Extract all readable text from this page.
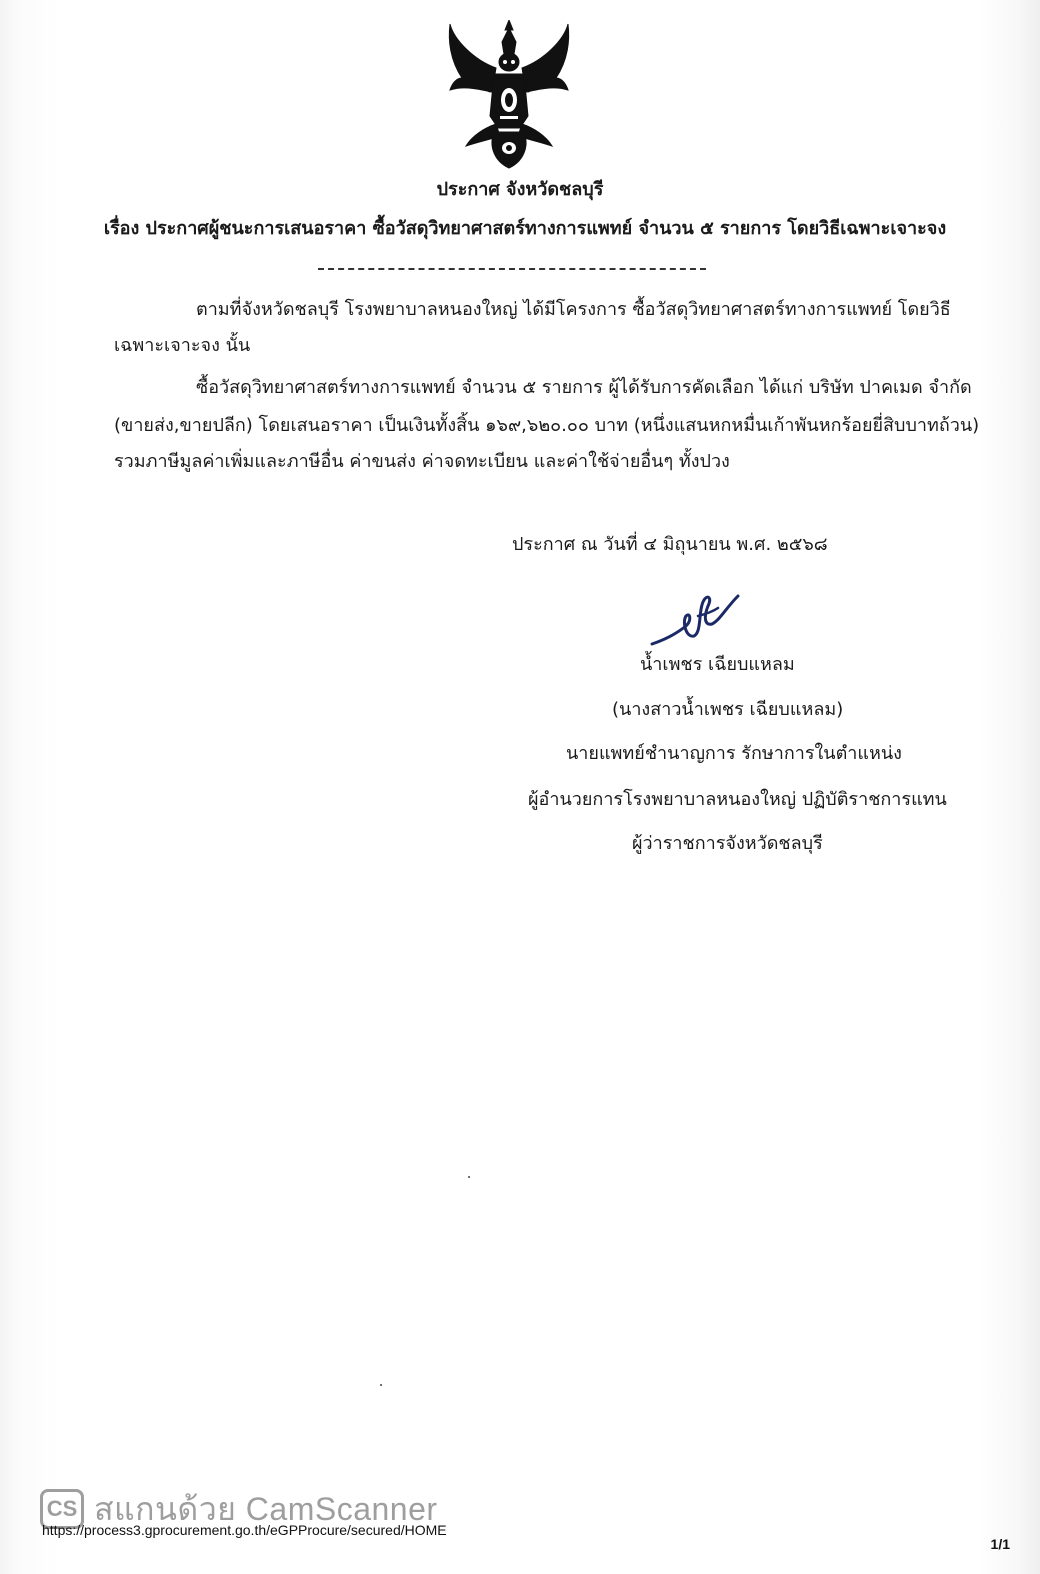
ประกาศ จังหวัดชลบุรี
เรื่อง ประกาศผู้ชนะการเสนอราคา ซื้อวัสดุวิทยาศาสตร์ทางการแพทย์ จำนวน ๕ รายการ โดยวิธีเฉพาะเจาะจง
ตามที่จังหวัดชลบุรี โรงพยาบาลหนองใหญ่ ได้มีโครงการ ซื้อวัสดุวิทยาศาสตร์ทางการแพทย์ โดยวิธี
เฉพาะเจาะจง นั้น
ซื้อวัสดุวิทยาศาสตร์ทางการแพทย์ จำนวน ๕ รายการ ผู้ได้รับการคัดเลือก ได้แก่ บริษัท ปาคเมด จำกัด
(ขายส่ง,ขายปลีก) โดยเสนอราคา เป็นเงินทั้งสิ้น ๑๖๙,๖๒๐.๐๐ บาท (หนึ่งแสนหกหมื่นเก้าพันหกร้อยยี่สิบบาทถ้วน)
รวมภาษีมูลค่าเพิ่มและภาษีอื่น ค่าขนส่ง ค่าจดทะเบียน และค่าใช้จ่ายอื่นๆ ทั้งปวง
ประกาศ ณ วันที่ ๔ มิถุนายน พ.ศ. ๒๕๖๘
น้ำเพชร เฉียบแหลม
(นางสาวน้ำเพชร เฉียบแหลม)
นายแพทย์ชำนาญการ รักษาการในตำแหน่ง
ผู้อำนวยการโรงพยาบาลหนองใหญ่ ปฏิบัติราชการแทน
ผู้ว่าราชการจังหวัดชลบุรี
CS สแกนด้วย CamScanner
https://process3.gprocurement.go.th/eGPProcure/secured/HOME
1/1
